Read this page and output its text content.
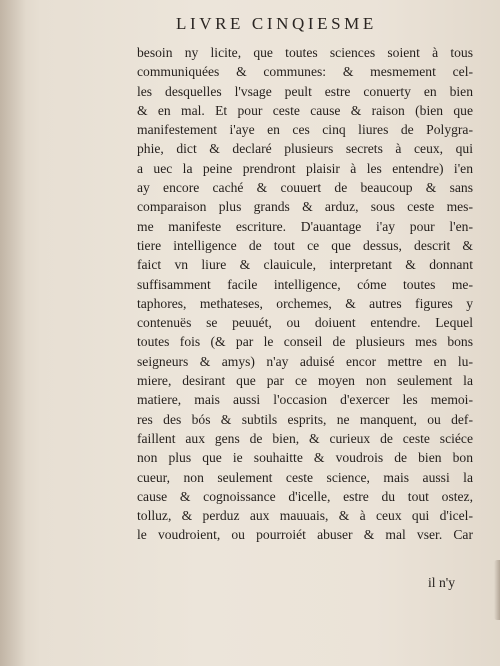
LIVRE CINQIESME
besoin ny licite, que toutes sciences soient à tous
communiquées & communes: & mesmement cel-
les desquelles l'vsage peult estre conuerty en bien
& en mal. Et pour ceste cause & raison (bien que
manifestement i'aye en ces cinq liures de Polygra-
phie, dict & declaré plusieurs secrets à ceux, qui
a uec la peine prendront plaisir à les entendre) i'en
ay encore caché & couuert de beaucoup & sans
comparaison plus grands & arduz, sous ceste mes-
me manifeste escriture. D'auantage i'ay pour l'en-
tiere intelligence de tout ce que dessus, descrit &
faict vn liure & clauicule, interpretant & donnant
suffisamment facile intelligence, cóme toutes me-
taphores, methateses, orchemes, & autres figures y
contenuës se peuuét, ou doiuent entendre. Lequel
toutes fois (& par le conseil de plusieurs mes bons
seigneurs & amys) n'ay aduisé encor mettre en lu-
miere, desirant que par ce moyen non seulement la
matiere, mais aussi l'occasion d'exercer les memoi-
res des bós & subtils esprits, ne manquent, ou def-
faillent aux gens de bien, & curieux de ceste sciéce
non plus que ie souhaitte & voudrois de bien bon
cueur, non seulement ceste science, mais aussi la
cause & cognoissance d'icelle, estre du tout ostez,
tolluz, & perduz aux mauuais, & à ceux qui d'icel-
le voudroient, ou pourroiét abuser & mal vser. Car
il n'y
